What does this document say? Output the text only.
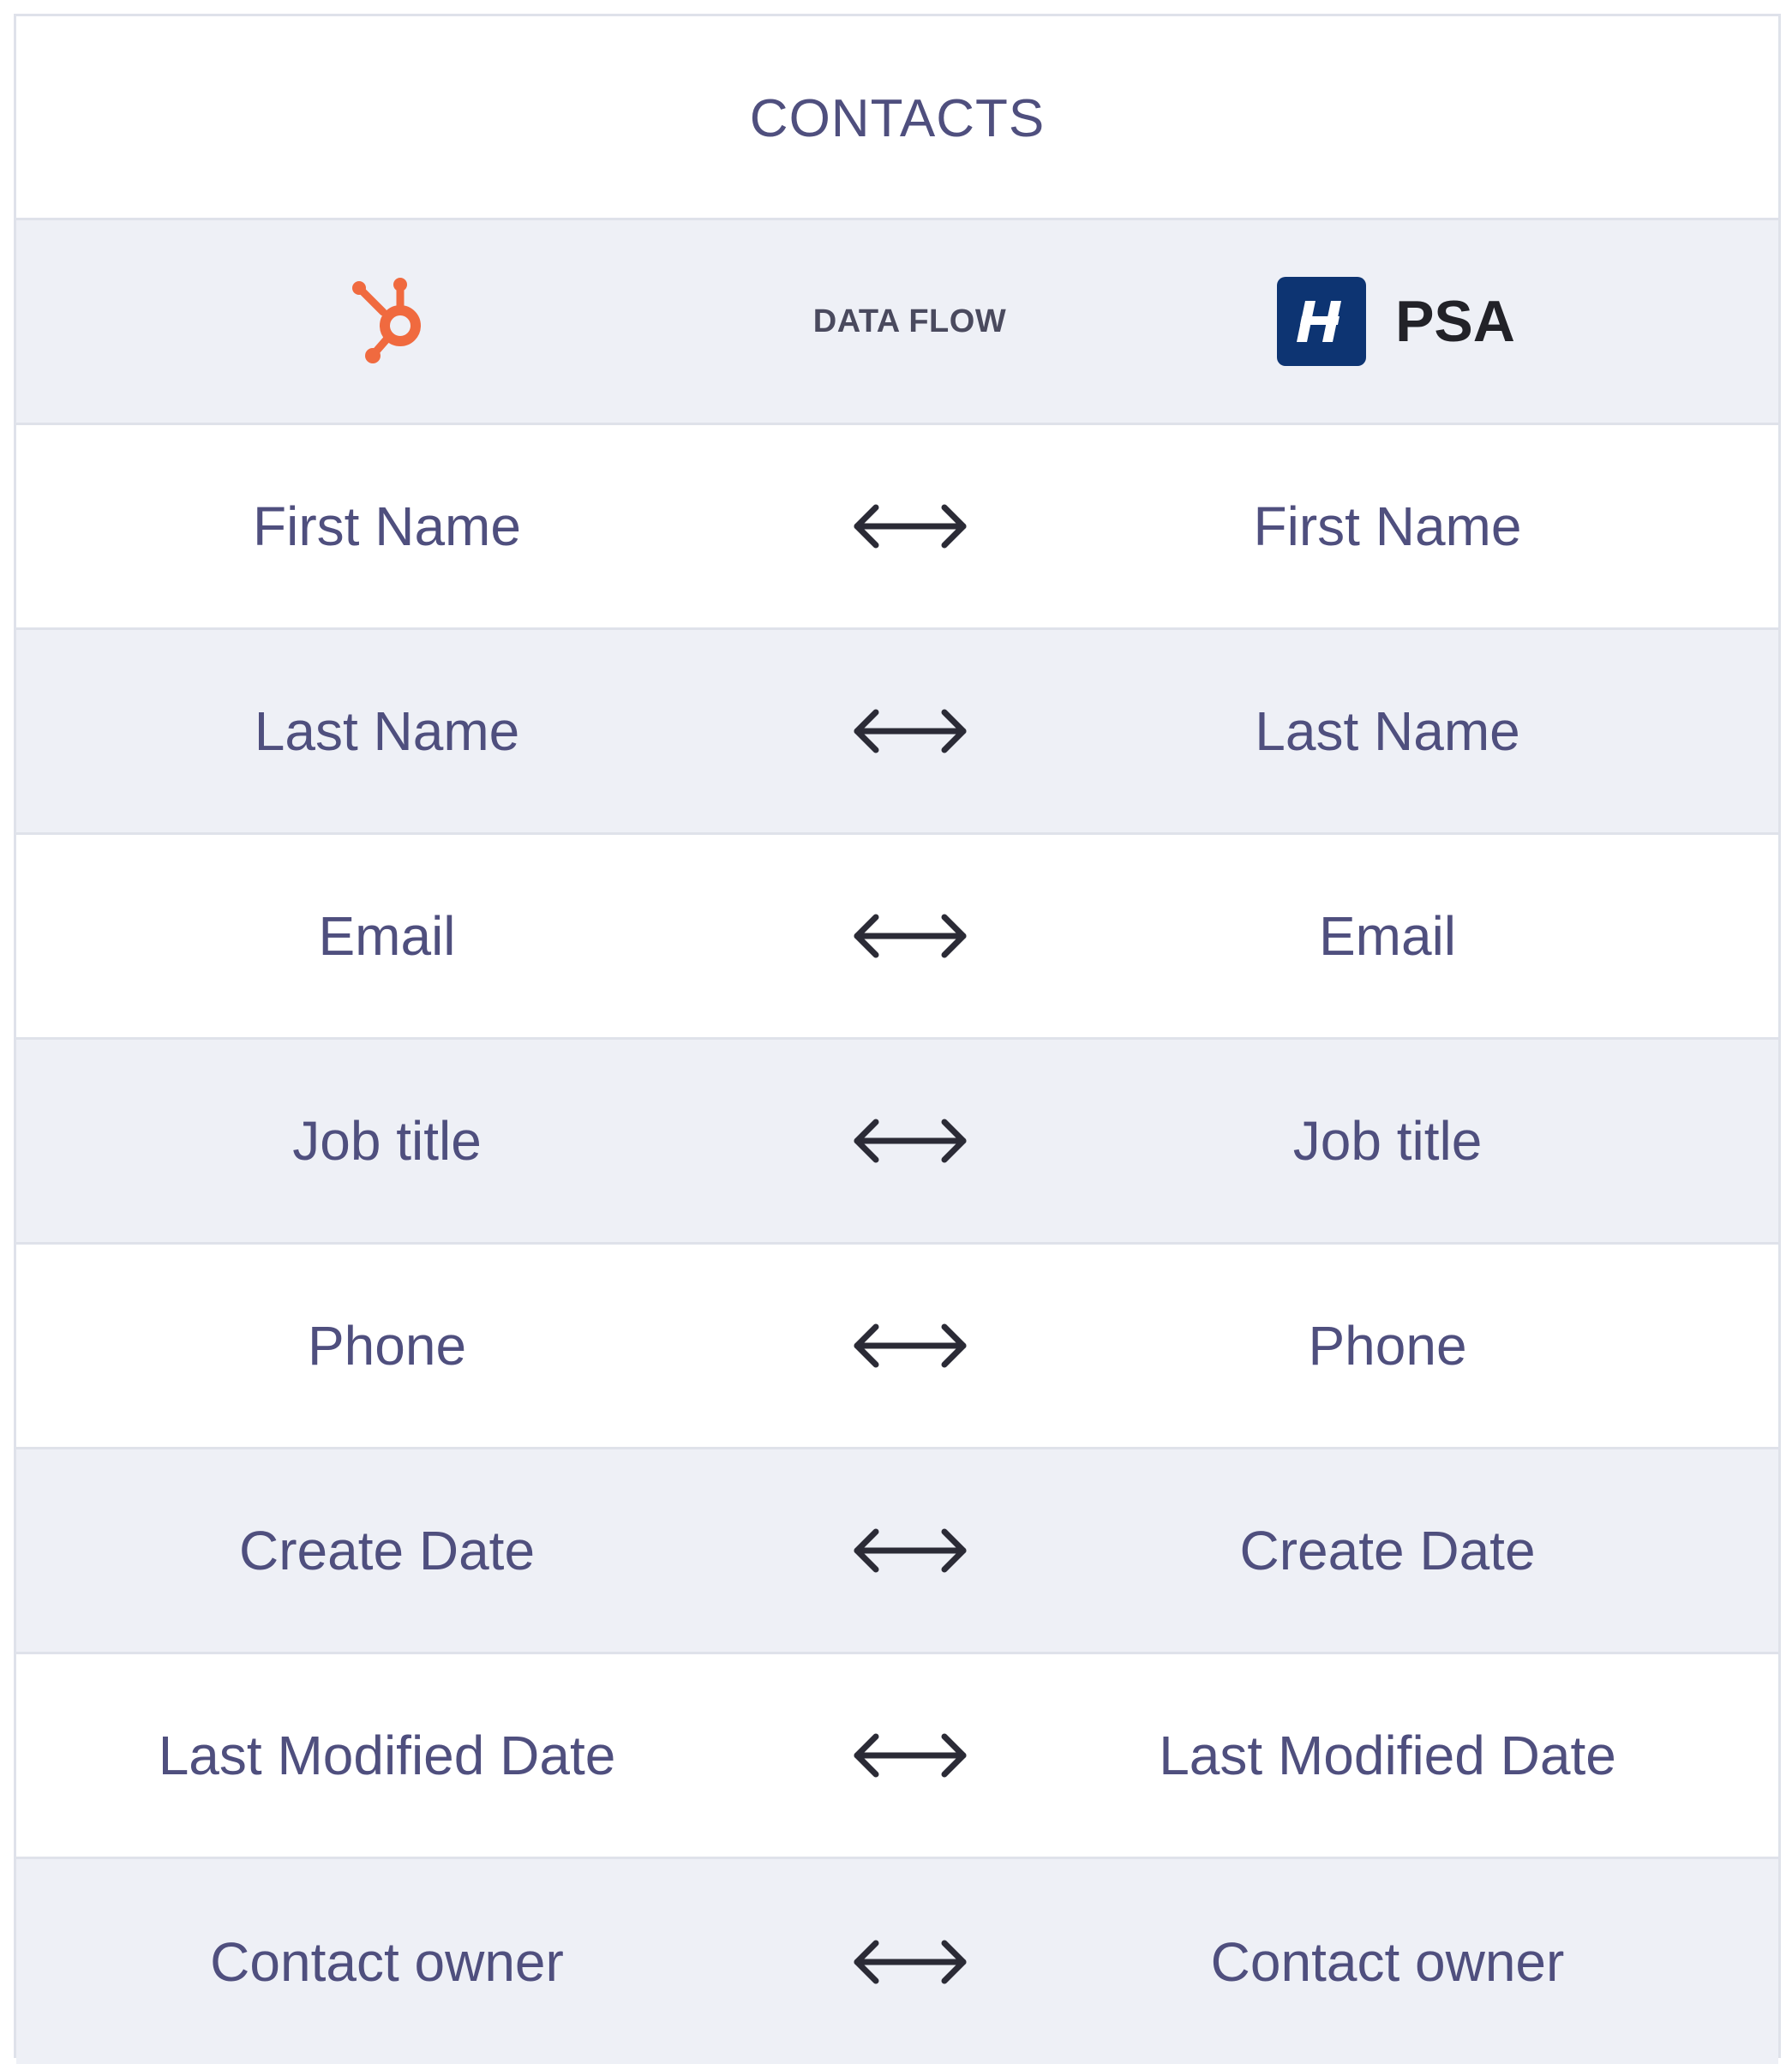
CONTACTS
DATA FLOW	PSA
First Name	First Name
Last Name	Last Name
Email	Email
Job title	Job title
Phone	Phone
Create Date	Create Date
Last Modified Date	Last Modified Date
Contact owner	Contact owner
